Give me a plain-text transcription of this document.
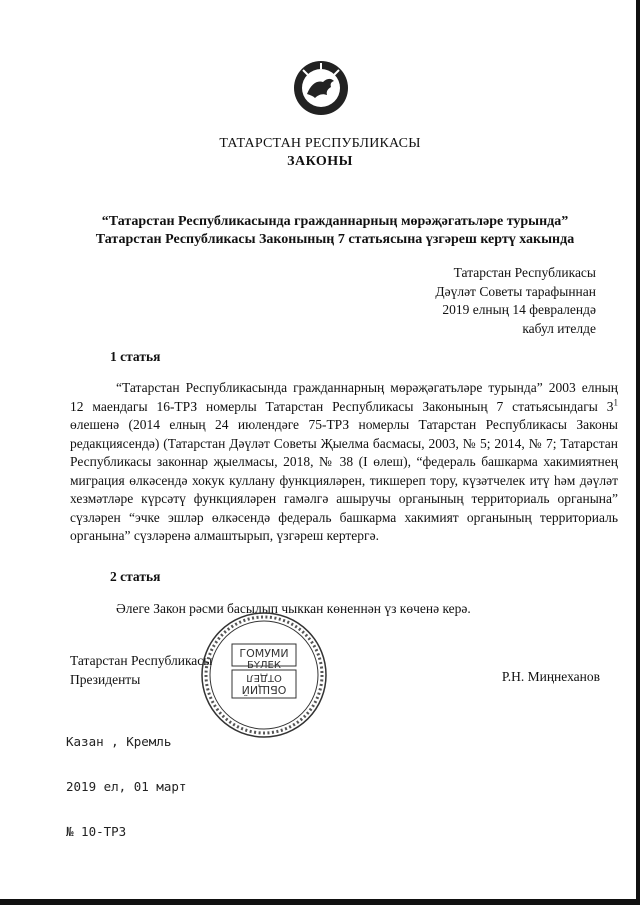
ТАТАРСТАН РЕСПУБЛИКАСЫ
ЗАКОНЫ
“Татарстан Республикасында гражданнарның мөрәҗәгатьләре турында”
Татарстан Республикасы Законының 7 статьясына үзгәреш кертү хакында
Татарстан Республикасы
Дәүләт Советы тарафыннан
2019 елның 14 февралендә
кабул ителде
1 статья
“Татарстан Республикасында гражданнарның мөрәҗәгатьләре турында” 2003 елның 12 маендагы 16-ТРЗ номерлы Татарстан Республикасы Законының 7 статьясындагы $3^1$ өлешенә (2014 елның 24 июлендәге 75-ТРЗ номерлы Татарстан Республикасы Законы редакциясендә) (Татарстан Дәүләт Советы Җыелма басмасы, 2003, № 5; 2014, № 7; Татарстан Республикасы законнар җыелмасы, 2018, № 38 (I өлеш), “федераль башкарма хакимиятнең миграция өлкәсендә хокук куллану функцияләрен, тикшереп тору, күзәтчелек итү һәм дәүләт хезмәтләре күрсәтү функцияләрен гамәлгә ашыручы органының территориаль органына” сүзләрен “эчке эшләр өлкәсендә федераль башкарма хакимият органының территориаль органына” сүзләренә алмаштырып, үзгәреш кертергә.
2 статья
Әлеге Закон рәсми басылып чыккан көненнән үз көченә керә.
ГОМУМИ
БҮЛЕК
ОБЩИЙ
ОТДЕЛ
Татарстан Республикасы
Президенты	Р.Н. Миңнеханов

Казан , Кремль

2019 ел, 01 март

№ 10-ТРЗ
